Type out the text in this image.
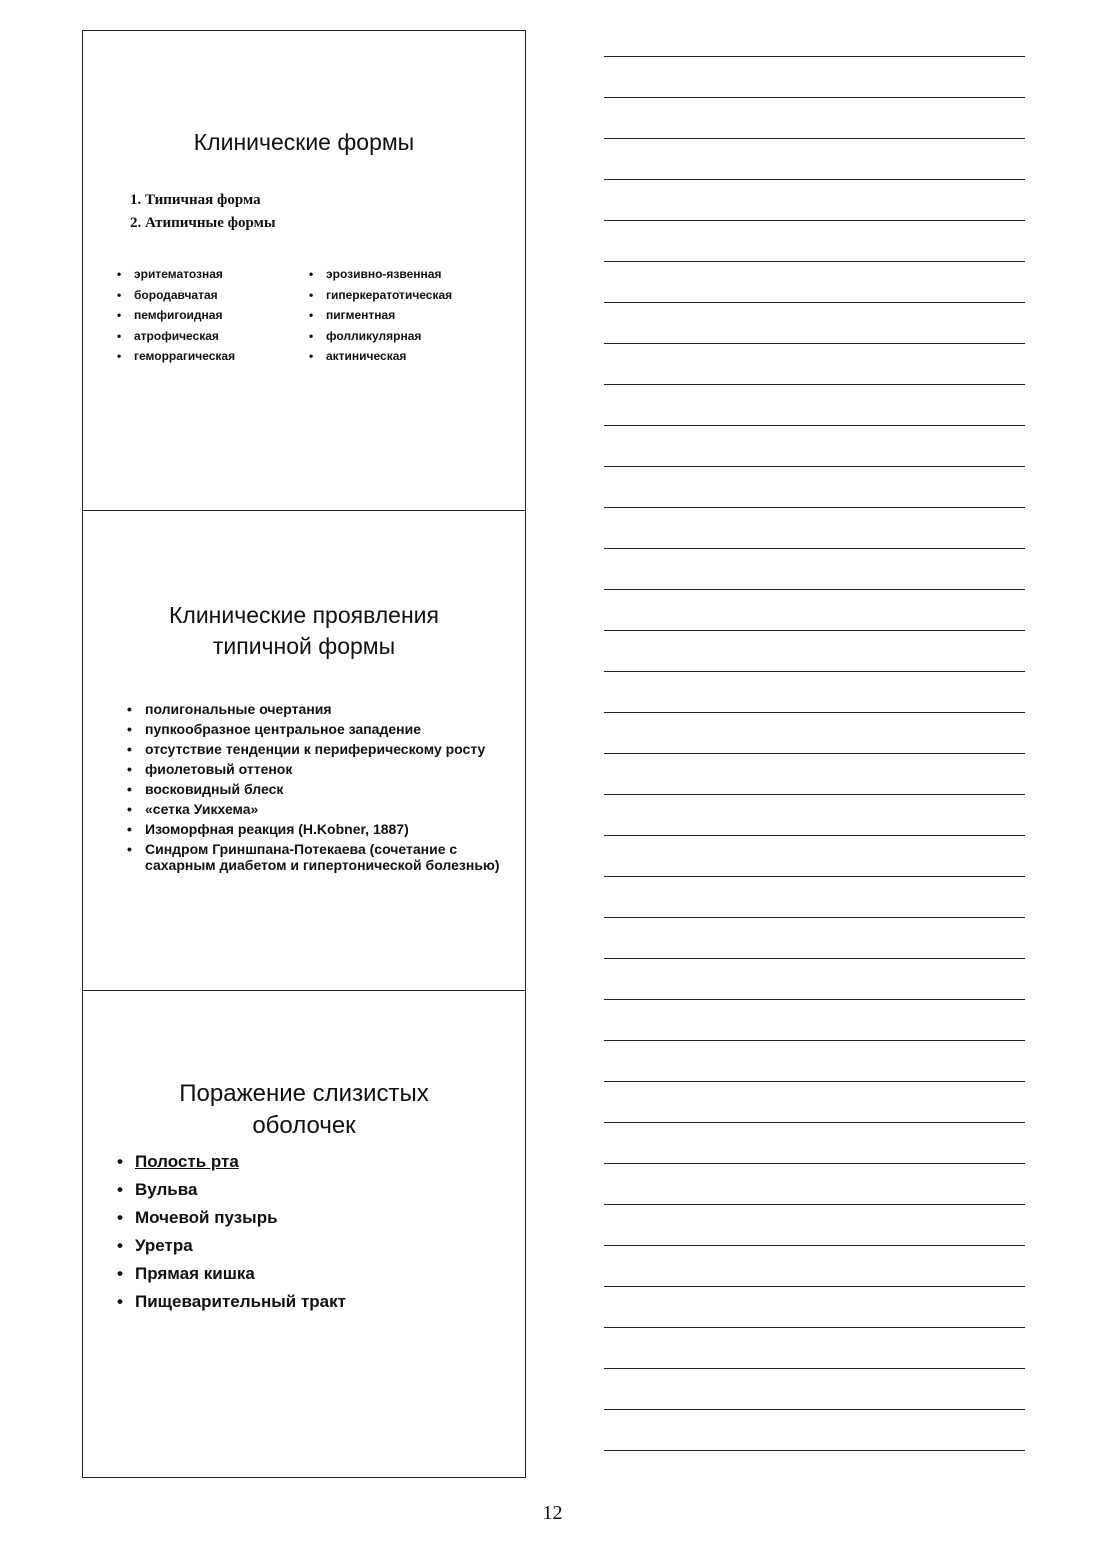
Клинические формы
1. Типичная форма
2. Атипичные формы
• эритематозная
• бородавчатая
• пемфигоидная
• атрофическая
• геморрагическая
• эрозивно-язвенная
• гиперкератотическая
• пигментная
• фолликулярная
• актиническая
Клинические проявления
типичной формы
• полигональные очертания
• пупкообразное центральное западение
• отсутствие тенденции к периферическому росту
• фиолетовый оттенок
• восковидный блеск
• «сетка Уикхема»
• Изоморфная реакция (H.Kobner, 1887)
• Синдром Гриншпана-Потекаева (сочетание с сахарным диабетом и гипертонической болезнью)
Поражение слизистых
оболочек
• Полость рта
• Вульва
• Мочевой пузырь
• Уретра
• Прямая кишка
• Пищеварительный тракт
12
